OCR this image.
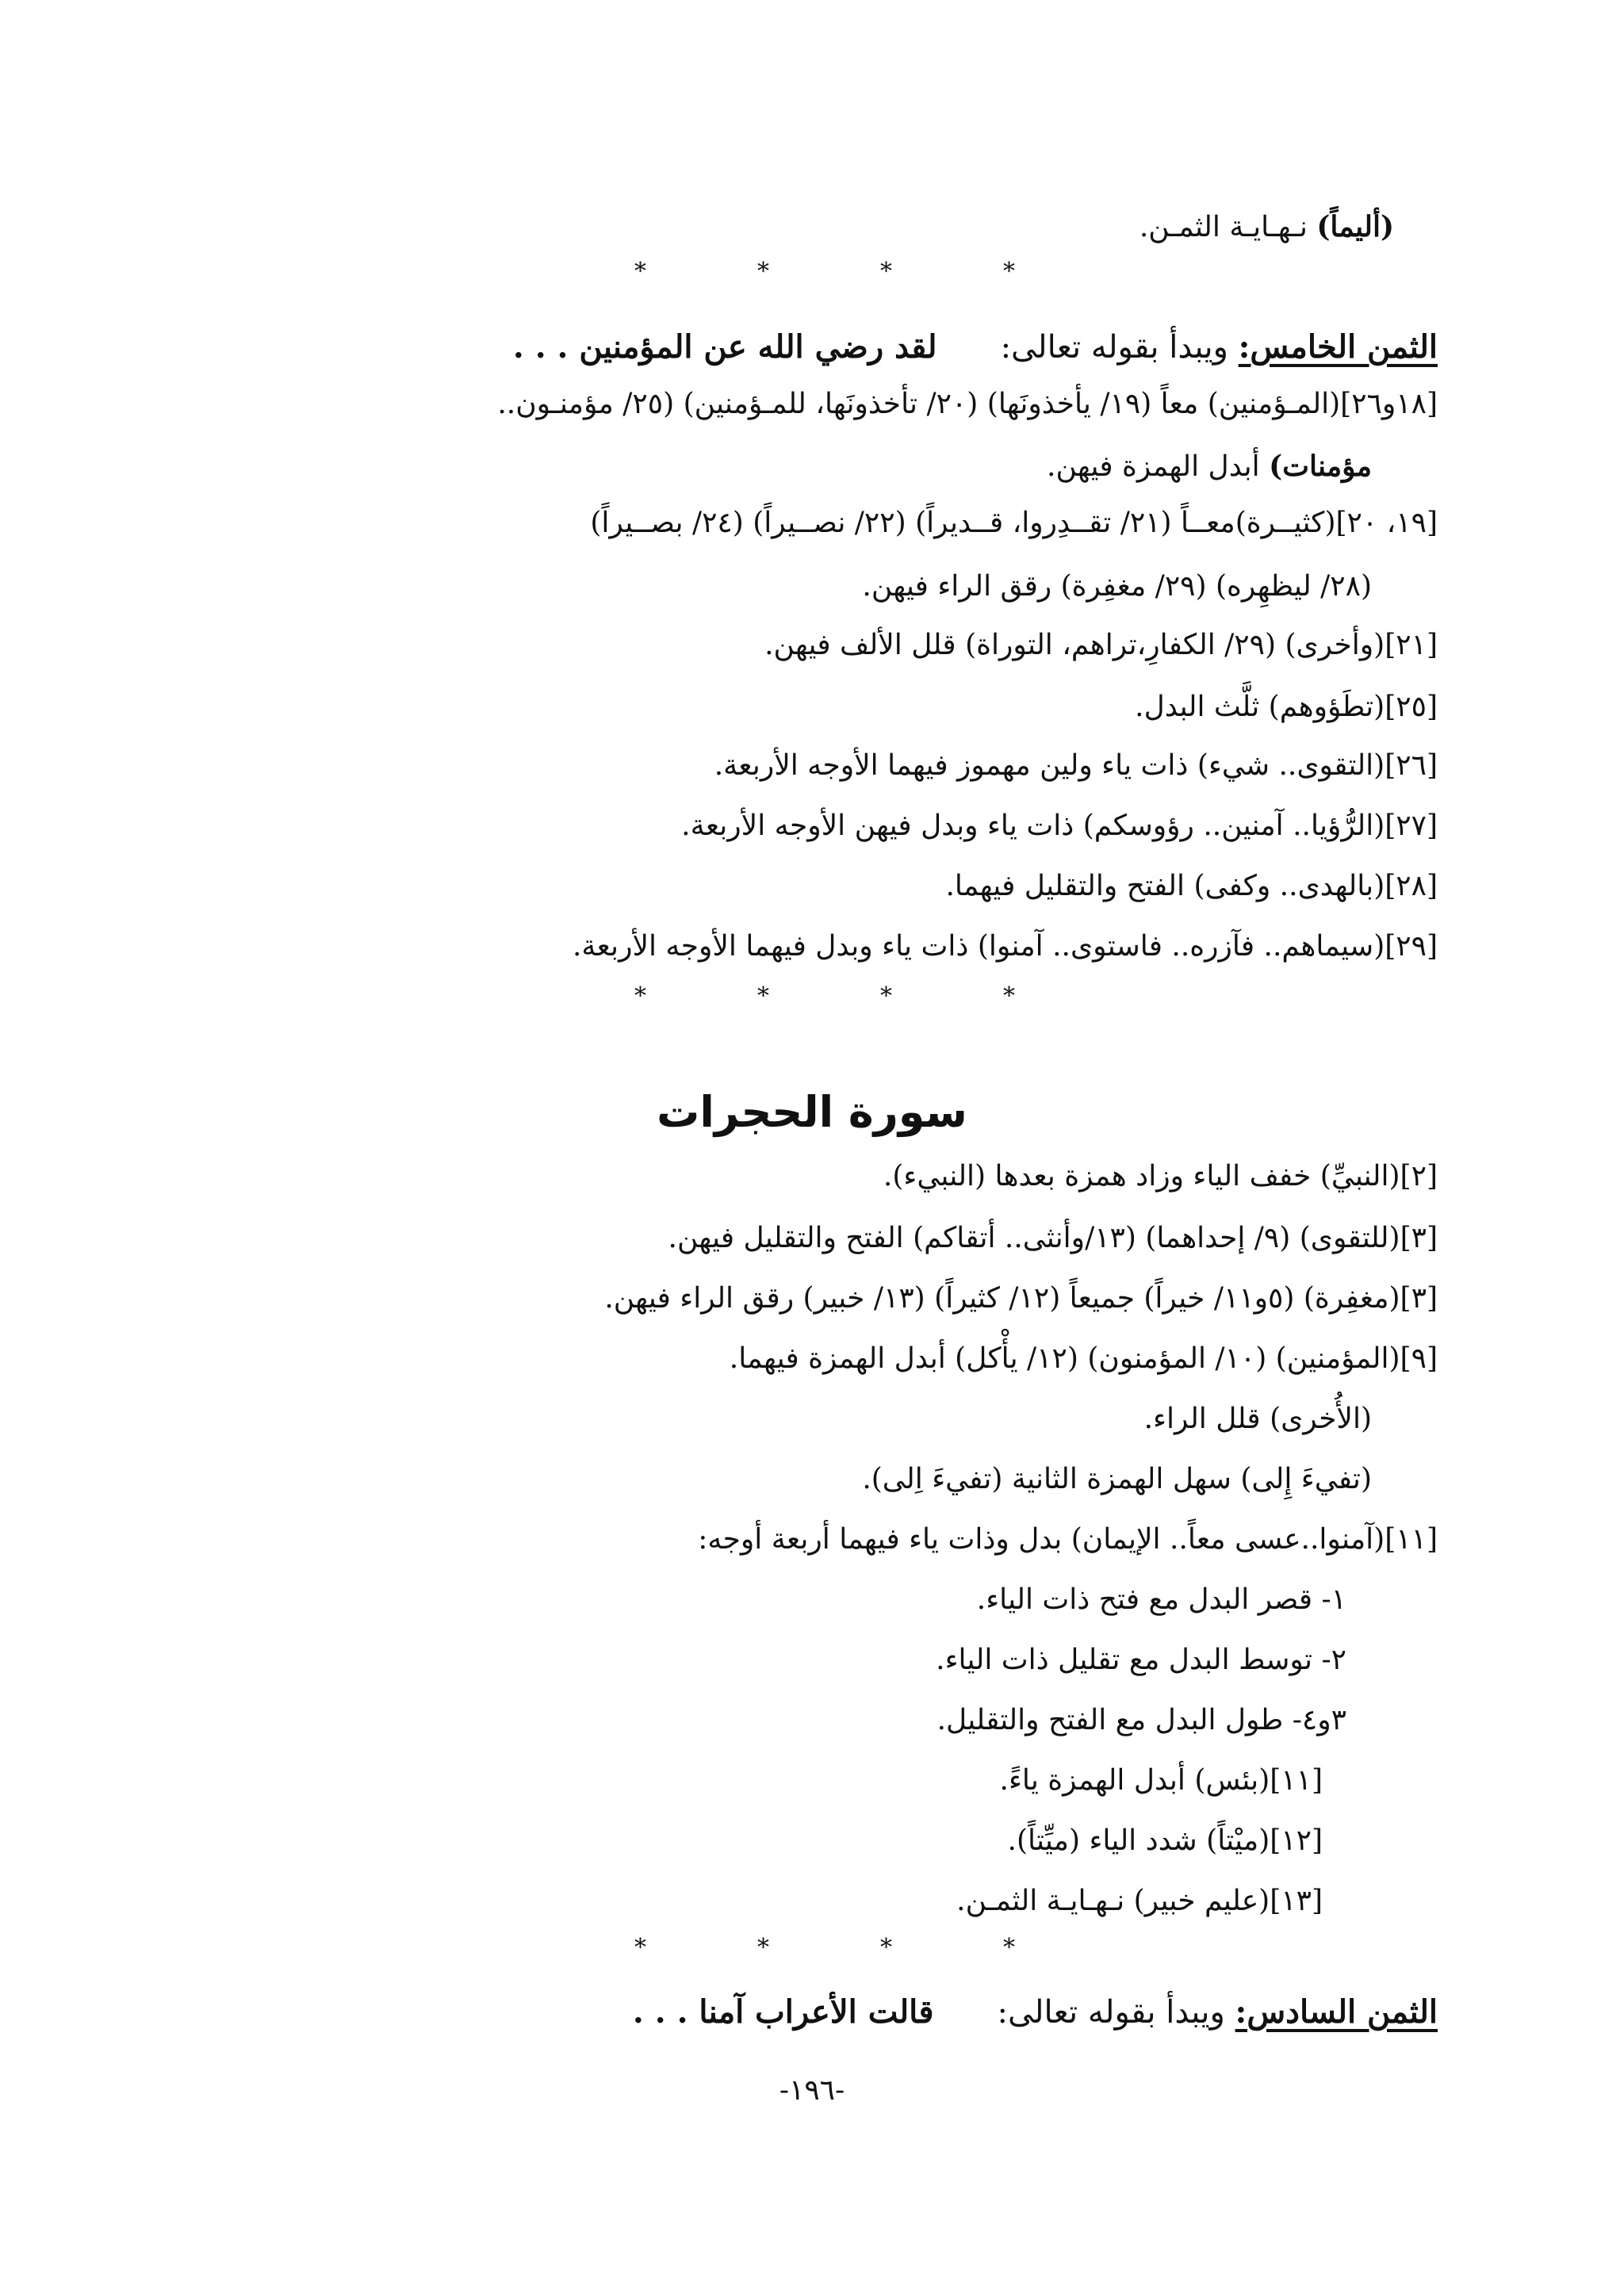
(أليماً) نـهـايـة الثمـن.
*	*	*	*
الثمن الخامس: ويبدأ بقوله تعالى:لقد رضي الله عن المؤمنين . . .
[١٨و٢٦](المـؤمنين) معاً (١٩/ يأخذونَها) (٢٠/ تأخذونَها، للمـؤمنين) (٢٥/ مؤمنـون..
مؤمنات) أبدل الهمزة فيهن.
[١٩، ٢٠](كثيــرة)معــاً (٢١/ تقــدِروا، قــديراً) (٢٢/ نصــيراً) (٢٤/ بصــيراً)
(٢٨/ ليظهِره) (٢٩/ مغفِرة) رقق الراء فيهن.
[٢١](وأخرى) (٢٩/ الكفارِ،تراهم، التوراة) قلل الألف فيهن.
[٢٥](تطَؤوهم) ثلَّث البدل.
[٢٦](التقوى.. شيء) ذات ياء ولين مهموز فيهما الأوجه الأربعة.
[٢٧](الرُّؤيا.. آمنين.. رؤوسكم) ذات ياء وبدل فيهن الأوجه الأربعة.
[٢٨](بالهدى.. وكفى) الفتح والتقليل فيهما.
[٢٩](سيماهم.. فآزره.. فاستوى.. آمنوا) ذات ياء وبدل فيهما الأوجه الأربعة.
*	*	*	*
سورة الحجرات
[٢](النبيِّ) خفف الياء وزاد همزة بعدها (النبيء).
[٣](للتقوى) (٩/ إحداهما) (١٣/وأنثى.. أتقاكم) الفتح والتقليل فيهن.
[٣](مغفِرة) (٥و١١/ خيراً) جميعاً (١٢/ كثيراً) (١٣/ خبير) رقق الراء فيهن.
[٩](المؤمنين) (١٠/ المؤمنون) (١٢/ يأْكل) أبدل الهمزة فيهما.
(الأُخرى) قلل الراء.
(تفيءَ إِلى) سهل الهمزة الثانية (تفيءَ اِلى).
[١١](آمنوا..عسى معاً.. الإيمان) بدل وذات ياء فيهما أربعة أوجه:
١- قصر البدل مع فتح ذات الياء.
٢- توسط البدل مع تقليل ذات الياء.
٣و٤- طول البدل مع الفتح والتقليل.
[١١](بئس) أبدل الهمزة ياءً.
[١٢](ميْتاً) شدد الياء (ميِّتاً).
[١٣](عليم خبير) نـهـايـة الثمـن.
*	*	*	*
الثمن السادس: ويبدأ بقوله تعالى:قالت الأعراب آمنا . . .
-١٩٦-
